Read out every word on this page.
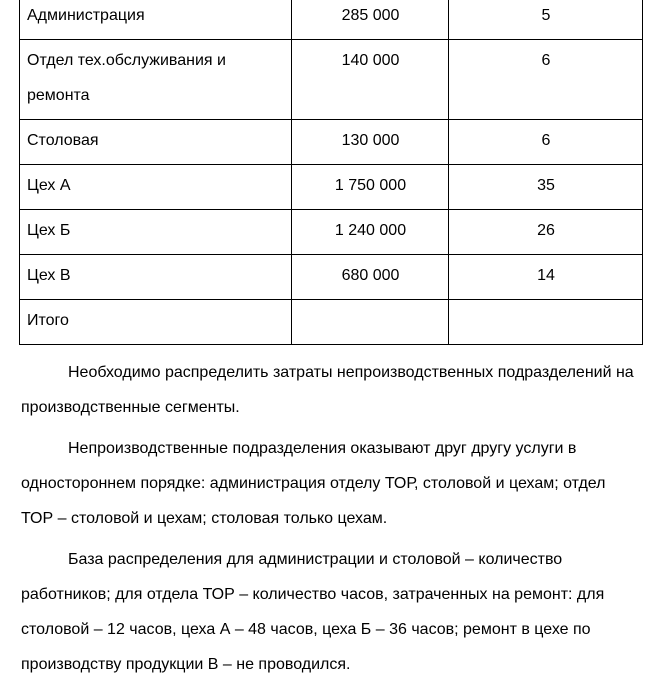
Администрация	285 000	5

Отдел тех.обслуживания и ремонта	140 000	6

Столовая	130 000	6

Цех А	1 750 000	35

Цех Б	1 240 000	26

Цех В	680 000	14

Итого		

Необходимо распределить затраты непроизводственных подразделений на производственные сегменты.

Непроизводственные подразделения оказывают друг другу услуги в одностороннем порядке: администрация отделу ТОР, столовой и цехам; отдел ТОР – столовой и цехам; столовая только цехам.

База распределения для администрации и столовой – количество работников; для отдела ТОР – количество часов, затраченных на ремонт: для столовой – 12 часов, цеха А – 48 часов, цеха Б – 36 часов; ремонт в цехе по производству продукции В – не проводился.
